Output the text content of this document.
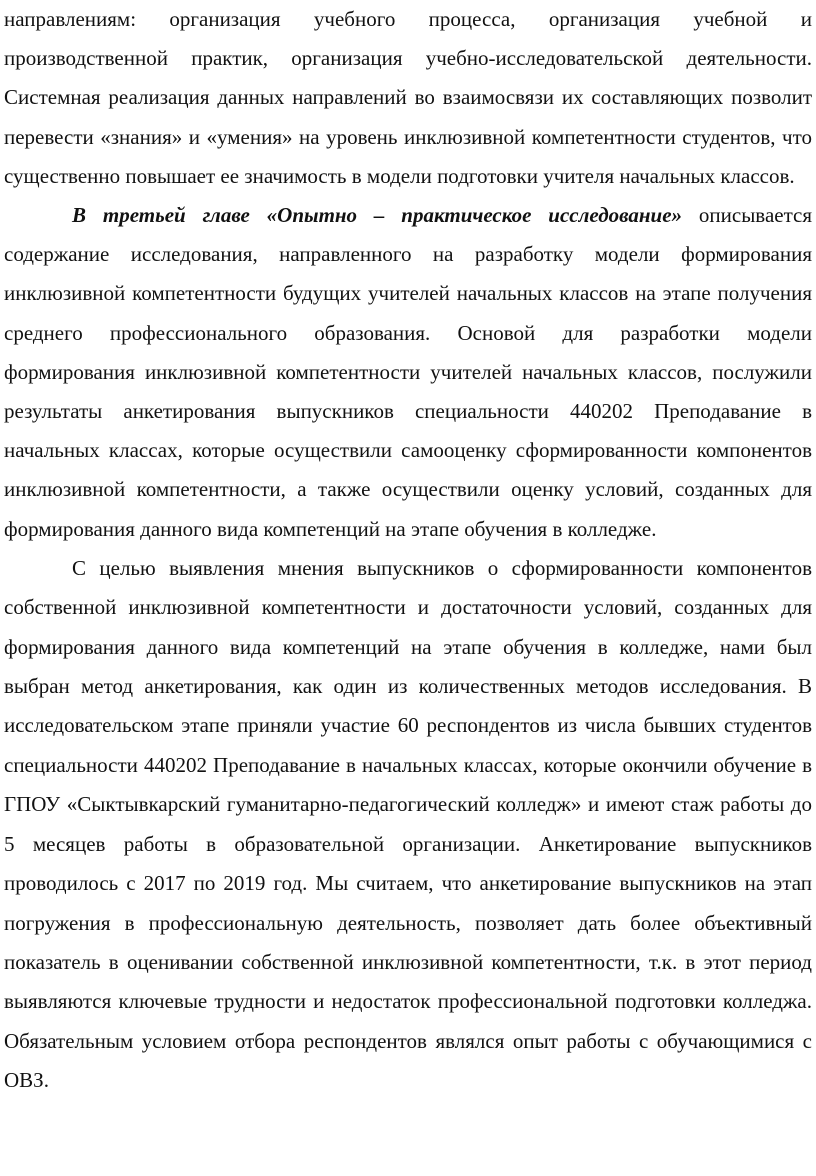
направлениям: организация учебного процесса, организация учебной и производственной практик, организация учебно-исследовательской деятельности. Системная реализация данных направлений во взаимосвязи их составляющих позволит перевести «знания» и «умения» на уровень инклюзивной компетентности студентов, что существенно повышает ее значимость в модели подготовки учителя начальных классов.

В третьей главе «Опытно – практическое исследование» описывается содержание исследования, направленного на разработку модели формирования инклюзивной компетентности будущих учителей начальных классов на этапе получения среднего профессионального образования. Основой для разработки модели формирования инклюзивной компетентности учителей начальных классов, послужили результаты анкетирования выпускников специальности 440202 Преподавание в начальных классах, которые осуществили самооценку сформированности компонентов инклюзивной компетентности, а также осуществили оценку условий, созданных для формирования данного вида компетенций на этапе обучения в колледже.

С целью выявления мнения выпускников о сформированности компонентов собственной инклюзивной компетентности и достаточности условий, созданных для формирования данного вида компетенций на этапе обучения в колледже, нами был выбран метод анкетирования, как один из количественных методов исследования. В исследовательском этапе приняли участие 60 респондентов из числа бывших студентов специальности 440202 Преподавание в начальных классах, которые окончили обучение в ГПОУ «Сыктывкарский гуманитарно-педагогический колледж» и имеют стаж работы до 5 месяцев работы в образовательной организации. Анкетирование выпускников проводилось с 2017 по 2019 год. Мы считаем, что анкетирование выпускников на этап погружения в профессиональную деятельность, позволяет дать более объективный показатель в оценивании собственной инклюзивной компетентности, т.к. в этот период выявляются ключевые трудности и недостаток профессиональной подготовки колледжа. Обязательным условием отбора респондентов являлся опыт работы с обучающимися с ОВЗ.
